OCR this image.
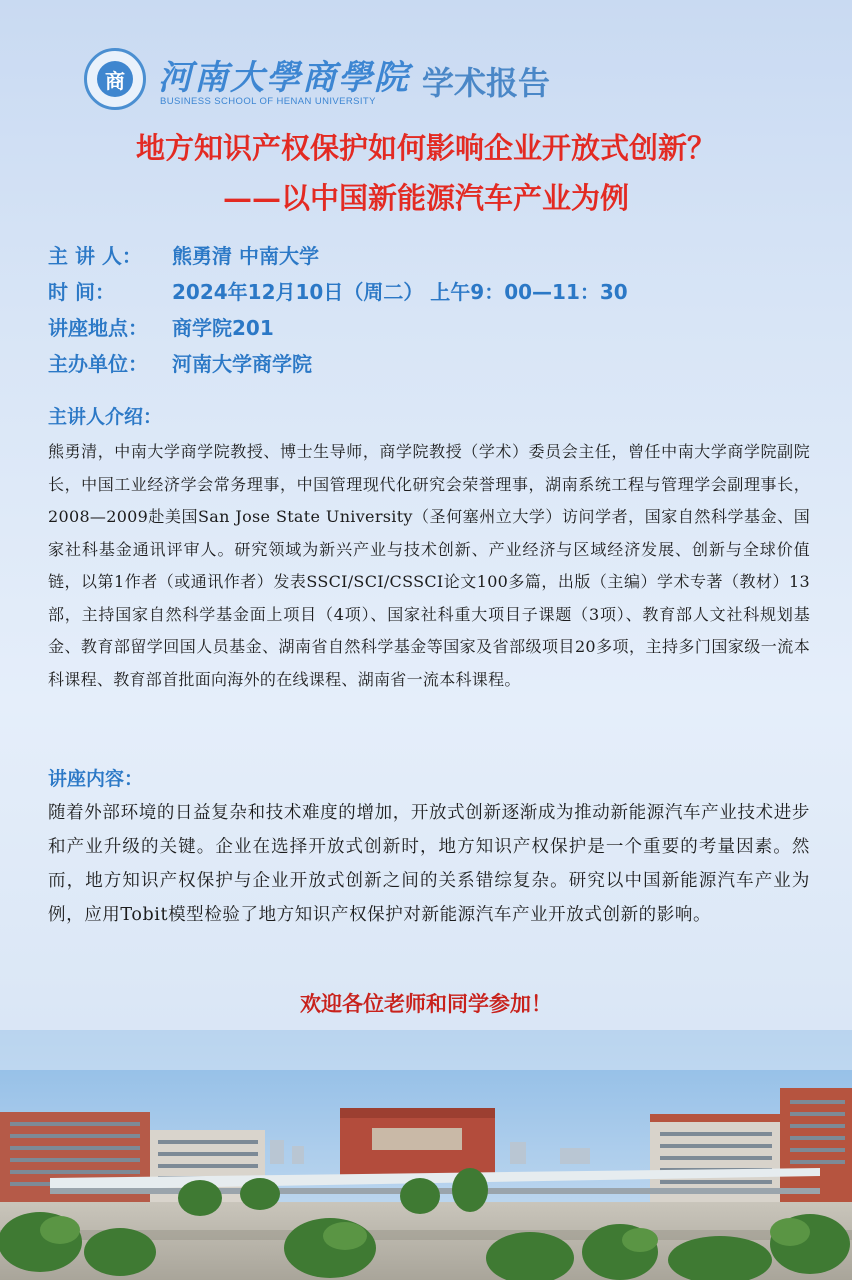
商 河南大學商學院
BUSINESS SCHOOL OF HENAN UNIVERSITY 学术报告
地方知识产权保护如何影响企业开放式创新？
——以中国新能源汽车产业为例
主 讲 人：	熊勇清 中南大学
时 间：	2024年12月10日（周二） 上午9：00—11：30
讲座地点：	商学院201
主办单位：	河南大学商学院
主讲人介绍：
熊勇清，中南大学商学院教授、博士生导师，商学院教授（学术）委员会主任，曾任中南大学商学院副院长，中国工业经济学会常务理事，中国管理现代化研究会荣誉理事，湖南系统工程与管理学会副理事长，2008—2009赴美国San Jose State University（圣何塞州立大学）访问学者，国家自然科学基金、国家社科基金通讯评审人。研究领域为新兴产业与技术创新、产业经济与区域经济发展、创新与全球价值链，以第1作者（或通讯作者）发表SSCI/SCI/CSSCI论文100多篇，出版（主编）学术专著（教材）13部，主持国家自然科学基金面上项目（4项）、国家社科重大项目子课题（3项）、教育部人文社科规划基金、教育部留学回国人员基金、湖南省自然科学基金等国家及省部级项目20多项，主持多门国家级一流本科课程、教育部首批面向海外的在线课程、湖南省一流本科课程。
讲座内容：
随着外部环境的日益复杂和技术难度的增加，开放式创新逐渐成为推动新能源汽车产业技术进步和产业升级的关键。企业在选择开放式创新时，地方知识产权保护是一个重要的考量因素。然而，地方知识产权保护与企业开放式创新之间的关系错综复杂。研究以中国新能源汽车产业为例，应用Tobit模型检验了地方知识产权保护对新能源汽车产业开放式创新的影响。
欢迎各位老师和同学参加！
